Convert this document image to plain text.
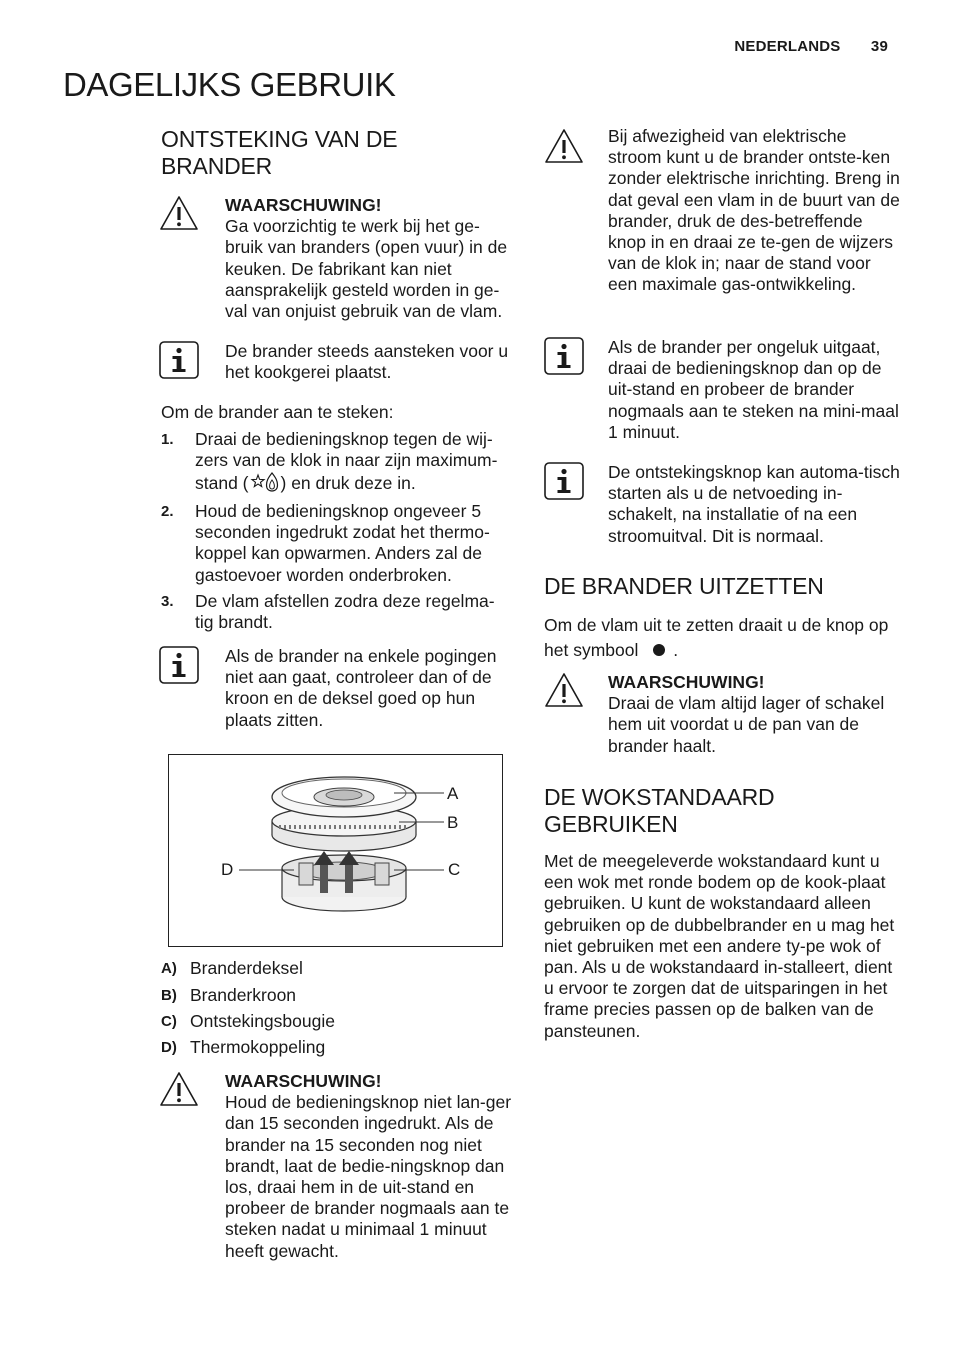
NEDERLANDS 39
DAGELIJKS GEBRUIK
ONTSTEKING VAN DE BRANDER
WAARSCHUWING!
Ga voorzichtig te werk bij het ge-bruik van branders (open vuur) in de keuken. De fabrikant kan niet aansprakelijk gesteld worden in ge-val van onjuist gebruik van de vlam.
De brander steeds aansteken voor u het kookgerei plaatst.

Om de brander aan te steken:

1. Draai de bedieningsknop tegen de wij-zers van de klok in naar zijn maximum-stand ( ) en druk deze in.
2. Houd de bedieningsknop ongeveer 5 seconden ingedrukt zodat het thermo-koppel kan opwarmen. Anders zal de gastoevoer worden onderbroken.
3. De vlam afstellen zodra deze regelma-tig brandt.
Als de brander na enkele pogingen niet aan gaat, controleer dan of de kroon en de deksel goed op hun plaats zitten.
A
B
C
D
A) Branderdeksel
B) Branderkroon
C) Ontstekingsbougie
D) Thermokoppeling
WAARSCHUWING!
Houd de bedieningsknop niet lan-ger dan 15 seconden ingedrukt. Als de brander na 15 seconden nog niet brandt, laat de bedie-ningsknop dan los, draai hem in de uit-stand en probeer de brander nogmaals aan te steken nadat u minimaal 1 minuut heeft gewacht.
Bij afwezigheid van elektrische stroom kunt u de brander ontste-ken zonder elektrische inrichting. Breng in dat geval een vlam in de buurt van de brander, druk de des-betreffende knop in en draai ze te-gen de wijzers van de klok in; naar de stand voor een maximale gas-ontwikkeling.
Als de brander per ongeluk uitgaat, draai de bedieningsknop dan op de uit-stand en probeer de brander nogmaals aan te steken na mini-maal 1 minuut.
De ontstekingsknop kan automa-tisch starten als u de netvoeding in-schakelt, na installatie of na een stroomuitval. Dit is normaal.
DE BRANDER UITZETTEN

Om de vlam uit te zetten draait u de knop op het symbool .

WAARSCHUWING!
Draai de vlam altijd lager of schakel hem uit voordat u de pan van de brander haalt.
DE WOKSTANDAARD GEBRUIKEN

Met de meegeleverde wokstandaard kunt u een wok met ronde bodem op de kook-plaat gebruiken. U kunt de wokstandaard alleen gebruiken op de dubbelbrander en u mag het niet gebruiken met een andere ty-pe wok of pan. Als u de wokstandaard in-stalleert, dient u ervoor te zorgen dat de uitsparingen in het frame precies passen op de balken van de pansteunen.
